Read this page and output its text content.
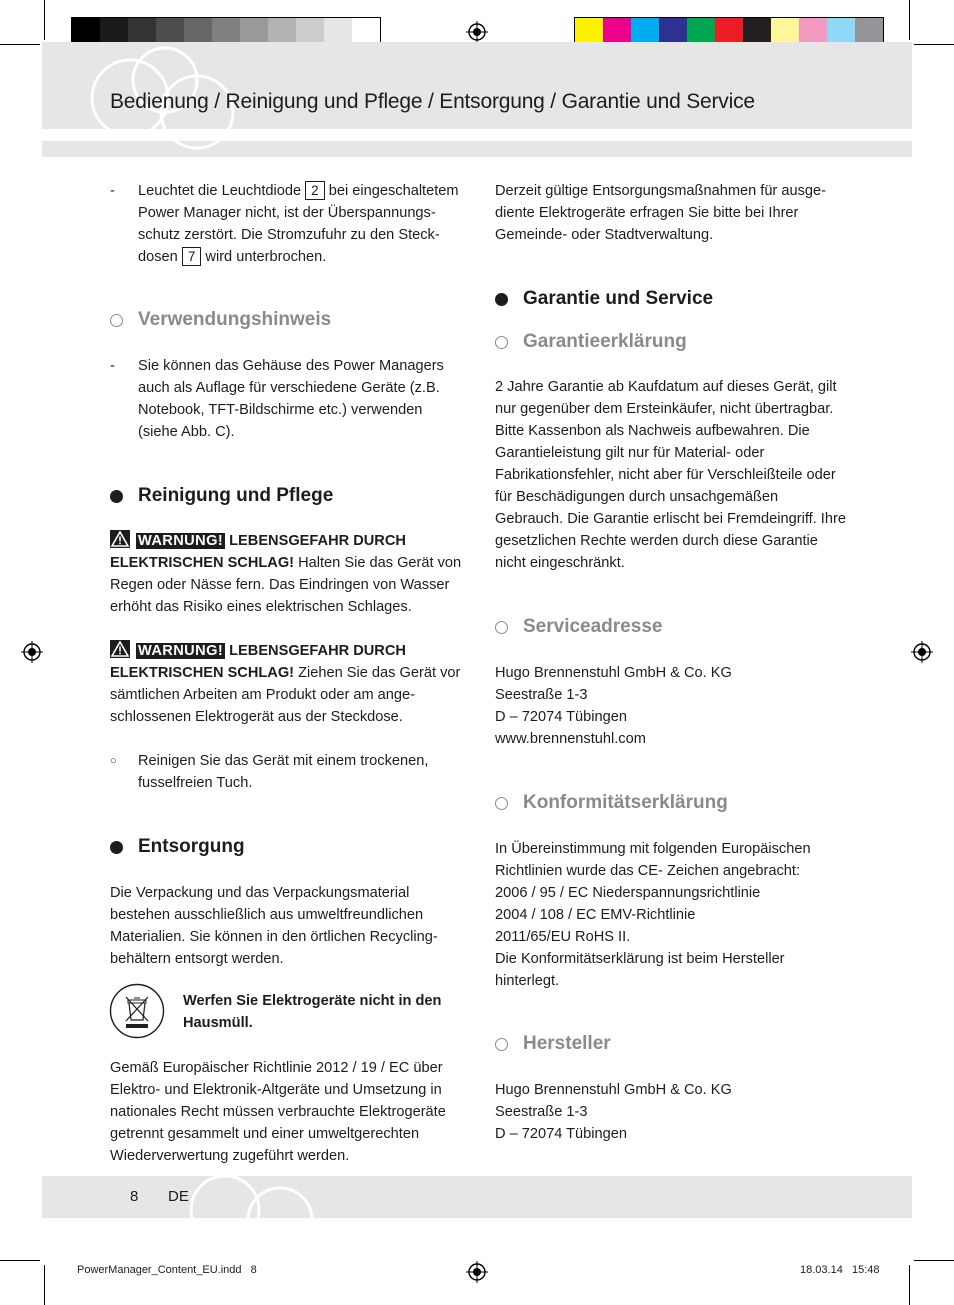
Bedienung / Reinigung und Pflege / Entsorgung / Garantie und Service
- Leuchtet die Leuchtdiode 2 bei eingeschaltetem Power Manager nicht, ist der Überspannungsschutz zerstört. Die Stromzufuhr zu den Steckdosen 7 wird unterbrochen.
Verwendungshinweis
- Sie können das Gehäuse des Power Managers auch als Auflage für verschiedene Geräte (z.B. Notebook, TFT-Bildschirme etc.) verwenden (siehe Abb. C).
Reinigung und Pflege
WARNUNG! LEBENSGEFAHR DURCH ELEKTRISCHEN SCHLAG! Halten Sie das Gerät von Regen oder Nässe fern. Das Eindringen von Wasser erhöht das Risiko eines elektrischen Schlages.
WARNUNG! LEBENSGEFAHR DURCH ELEKTRISCHEN SCHLAG! Ziehen Sie das Gerät vor sämtlichen Arbeiten am Produkt oder am angeschlossenen Elektrogerät aus der Steckdose.
○ Reinigen Sie das Gerät mit einem trockenen, fusselfreien Tuch.
Entsorgung
Die Verpackung und das Verpackungsmaterial bestehen ausschließlich aus umweltfreundlichen Materialien. Sie können in den örtlichen Recyclingbehältern entsorgt werden.
Werfen Sie Elektrogeräte nicht in den Hausmüll.
Gemäß Europäischer Richtlinie 2012 / 19 / EC über Elektro- und Elektronik-Altgeräte und Umsetzung in nationales Recht müssen verbrauchte Elektrogeräte getrennt gesammelt und einer umweltgerechten Wiederverwertung zugeführt werden.
Derzeit gültige Entsorgungsmaßnahmen für ausgediente Elektrogeräte erfragen Sie bitte bei Ihrer Gemeinde- oder Stadtverwaltung.
Garantie und Service
Garantieerklärung
2 Jahre Garantie ab Kaufdatum auf dieses Gerät, gilt nur gegenüber dem Ersteinkäufer, nicht übertragbar. Bitte Kassenbon als Nachweis aufbewahren. Die Garantieleistung gilt nur für Material- oder Fabrikationsfehler, nicht aber für Verschleißteile oder für Beschädigungen durch unsachgemäßen Gebrauch. Die Garantie erlischt bei Fremdeingriff. Ihre gesetzlichen Rechte werden durch diese Garantie nicht eingeschränkt.
Serviceadresse

Hugo Brennenstuhl GmbH & Co. KG

Seestraße 1-3

D – 72074 Tübingen

www.brennenstuhl.com

Konformitätserklärung

In Übereinstimmung mit folgenden Europäischen

Richtlinien wurde das CE- Zeichen angebracht:

2006 / 95 / EC Niederspannungsrichtlinie

2004 / 108 / EC EMV-Richtlinie

2011/65/EU RoHS II.

Die Konformitätserklärung ist beim Hersteller

hinterlegt.

Hersteller

Hugo Brennenstuhl GmbH & Co. KG

Seestraße 1-3

D – 72074 Tübingen

8 DE
PowerManager_Content_EU.indd   8	18.03.14   15:48
